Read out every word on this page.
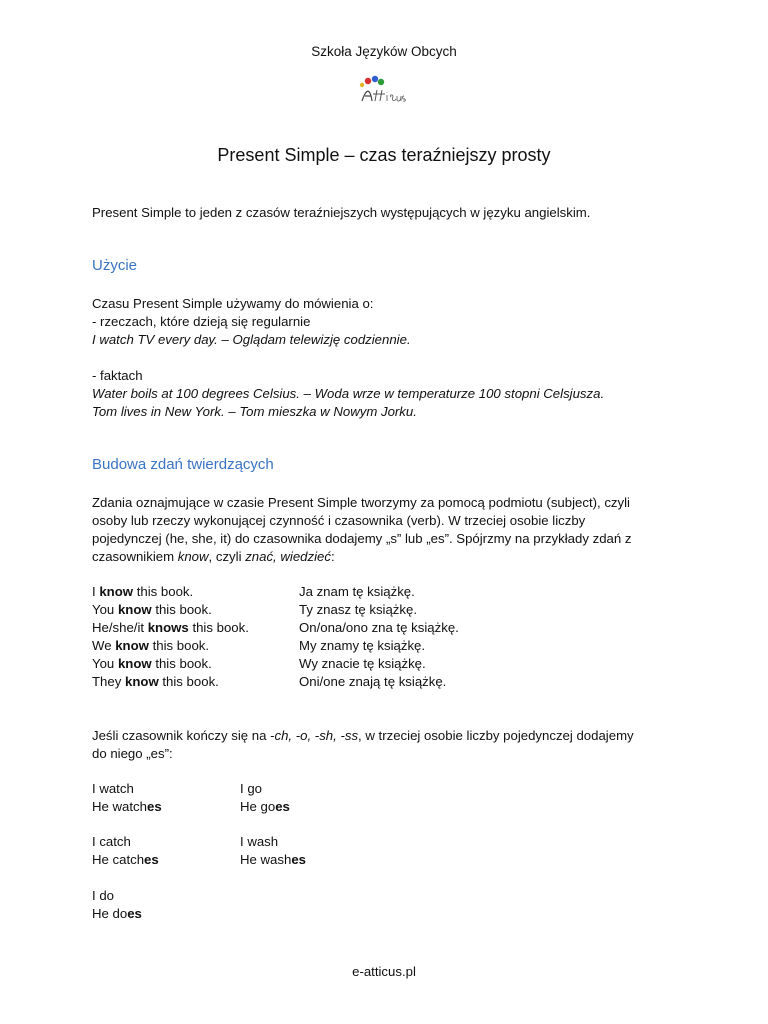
Szkoła Języków Obcych
Present Simple – czas teraźniejszy prosty
Present Simple to jeden z czasów teraźniejszych występujących w języku angielskim.
Użycie
Czasu Present Simple używamy do mówienia o:
- rzeczach, które dzieją się regularnie
I watch TV every day. – Oglądam telewizję codziennie.
- faktach
Water boils at 100 degrees Celsius. – Woda wrze w temperaturze 100 stopni Celsjusza.
Tom lives in New York. – Tom mieszka w Nowym Jorku.
Budowa zdań twierdzących
Zdania oznajmujące w czasie Present Simple tworzymy za pomocą podmiotu (subject), czyli
osoby lub rzeczy wykonującej czynność i czasownika (verb). W trzeciej osobie liczby
pojedynczej (he, she, it) do czasownika dodajemy „s” lub „es”. Spójrzmy na przykłady zdań z
czasownikiem know, czyli znać, wiedzieć:
I know this book.	Ja znam tę książkę.
You know this book.	Ty znasz tę książkę.
He/she/it knows this book.	On/ona/ono zna tę książkę.
We know this book.	My znamy tę książkę.
You know this book.	Wy znacie tę książkę.
They know this book.	Oni/one znają tę książkę.
Jeśli czasownik kończy się na -ch, -o, -sh, -ss, w trzeciej osobie liczby pojedynczej dodajemy
do niego „es”:
I watch
He watches
I go
He goes
I catch
He catches
I wash
He washes
I do
He does
e-atticus.pl
